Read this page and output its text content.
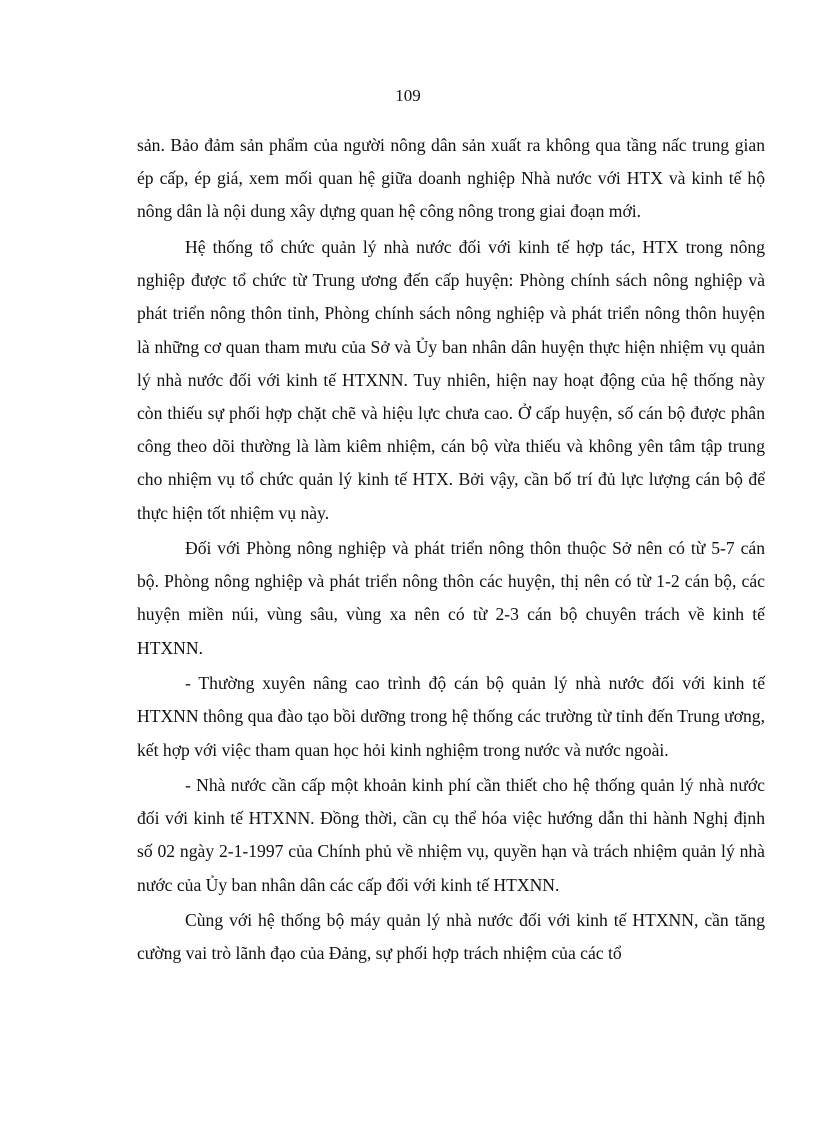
109

sản. Bảo đảm sản phẩm của người nông dân sản xuất ra không qua tầng nấc trung gian ép cấp, ép giá, xem mối quan hệ giữa doanh nghiệp Nhà nước với HTX và kinh tế hộ nông dân là nội dung xây dựng quan hệ công nông trong giai đoạn mới.

Hệ thống tổ chức quản lý nhà nước đối với kinh tế hợp tác, HTX trong nông nghiệp được tổ chức từ Trung ương đến cấp huyện: Phòng chính sách nông nghiệp và phát triển nông thôn tỉnh, Phòng chính sách nông nghiệp và phát triển nông thôn huyện là những cơ quan tham mưu của Sở và Ủy ban nhân dân huyện thực hiện nhiệm vụ quản lý nhà nước đối với kinh tế HTXNN. Tuy nhiên, hiện nay hoạt động của hệ thống này còn thiếu sự phối hợp chặt chẽ và hiệu lực chưa cao. Ở cấp huyện, số cán bộ được phân công theo dõi thường là làm kiêm nhiệm, cán bộ vừa thiếu và không yên tâm tập trung cho nhiệm vụ tổ chức quản lý kinh tế HTX. Bởi vậy, cần bố trí đủ lực lượng cán bộ để thực hiện tốt nhiệm vụ này.

Đối với Phòng nông nghiệp và phát triển nông thôn thuộc Sở nên có từ 5-7 cán bộ. Phòng nông nghiệp và phát triển nông thôn các huyện, thị nên có từ 1-2 cán bộ, các huyện miền núi, vùng sâu, vùng xa nên có từ 2-3 cán bộ chuyên trách về kinh tế HTXNN.

- Thường xuyên nâng cao trình độ cán bộ quản lý nhà nước đối với kinh tế HTXNN thông qua đào tạo bồi dưỡng trong hệ thống các trường từ tỉnh đến Trung ương, kết hợp với việc tham quan học hỏi kinh nghiệm trong nước và nước ngoài.

- Nhà nước cần cấp một khoản kinh phí cần thiết cho hệ thống quản lý nhà nước đối với kinh tế HTXNN. Đồng thời, cần cụ thể hóa việc hướng dẫn thi hành Nghị định số 02 ngày 2-1-1997 của Chính phủ về nhiệm vụ, quyền hạn và trách nhiệm quản lý nhà nước của Ủy ban nhân dân các cấp đối với kinh tế HTXNN.

Cùng với hệ thống bộ máy quản lý nhà nước đối với kinh tế HTXNN, cần tăng cường vai trò lãnh đạo của Đảng, sự phối hợp trách nhiệm của các tổ
